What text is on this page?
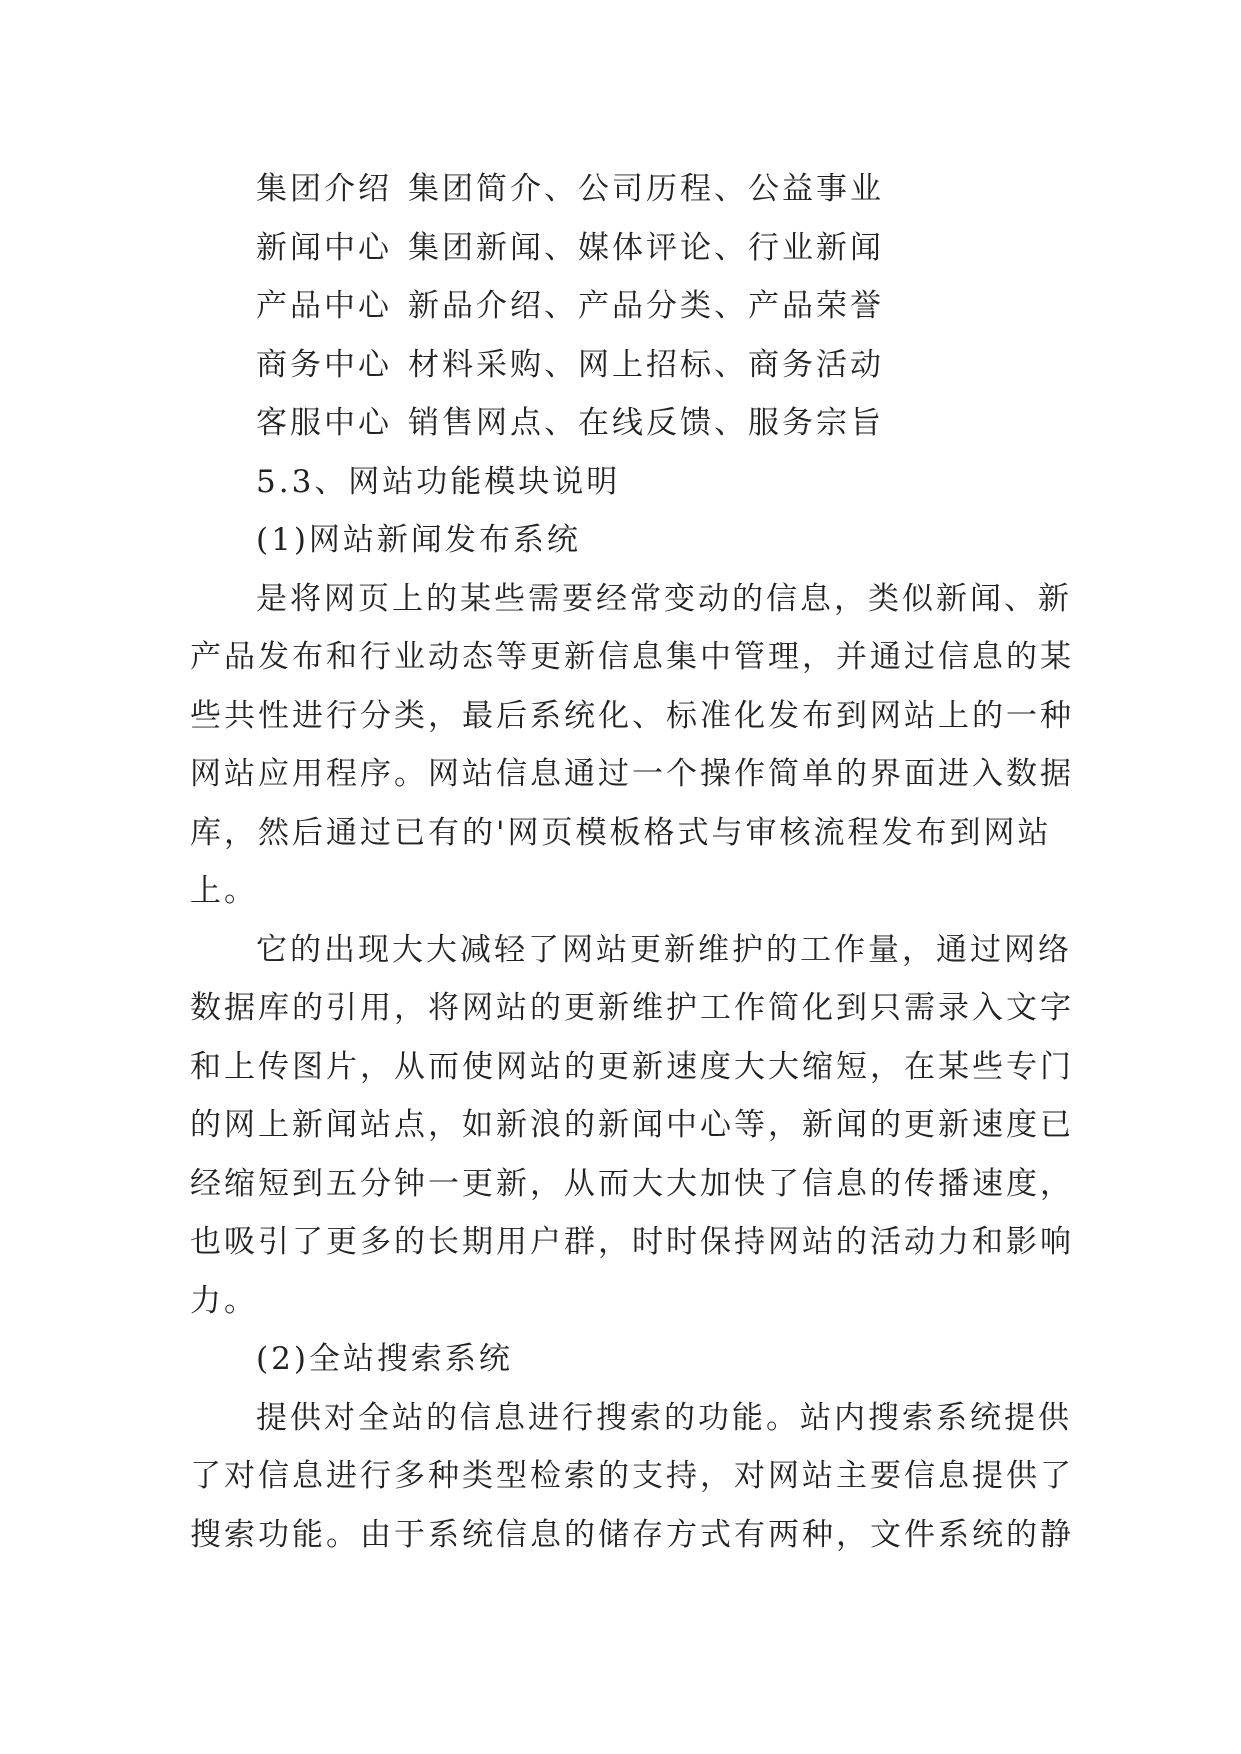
集团介绍 集团简介、公司历程、公益事业
新闻中心 集团新闻、媒体评论、行业新闻
产品中心 新品介绍、产品分类、产品荣誉
商务中心 材料采购、网上招标、商务活动
客服中心 销售网点、在线反馈、服务宗旨
5.3、网站功能模块说明
(1)网站新闻发布系统
是将网页上的某些需要经常变动的信息，类似新闻、新
产品发布和行业动态等更新信息集中管理，并通过信息的某
些共性进行分类，最后系统化、标准化发布到网站上的一种
网站应用程序。网站信息通过一个操作简单的界面进入数据
库，然后通过已有的'网页模板格式与审核流程发布到网站
上。
它的出现大大减轻了网站更新维护的工作量，通过网络
数据库的引用，将网站的更新维护工作简化到只需录入文字
和上传图片，从而使网站的更新速度大大缩短，在某些专门
的网上新闻站点，如新浪的新闻中心等，新闻的更新速度已
经缩短到五分钟一更新，从而大大加快了信息的传播速度，
也吸引了更多的长期用户群，时时保持网站的活动力和影响
力。
(2)全站搜索系统
提供对全站的信息进行搜索的功能。站内搜索系统提供
了对信息进行多种类型检索的支持，对网站主要信息提供了
搜索功能。由于系统信息的储存方式有两种，文件系统的静
